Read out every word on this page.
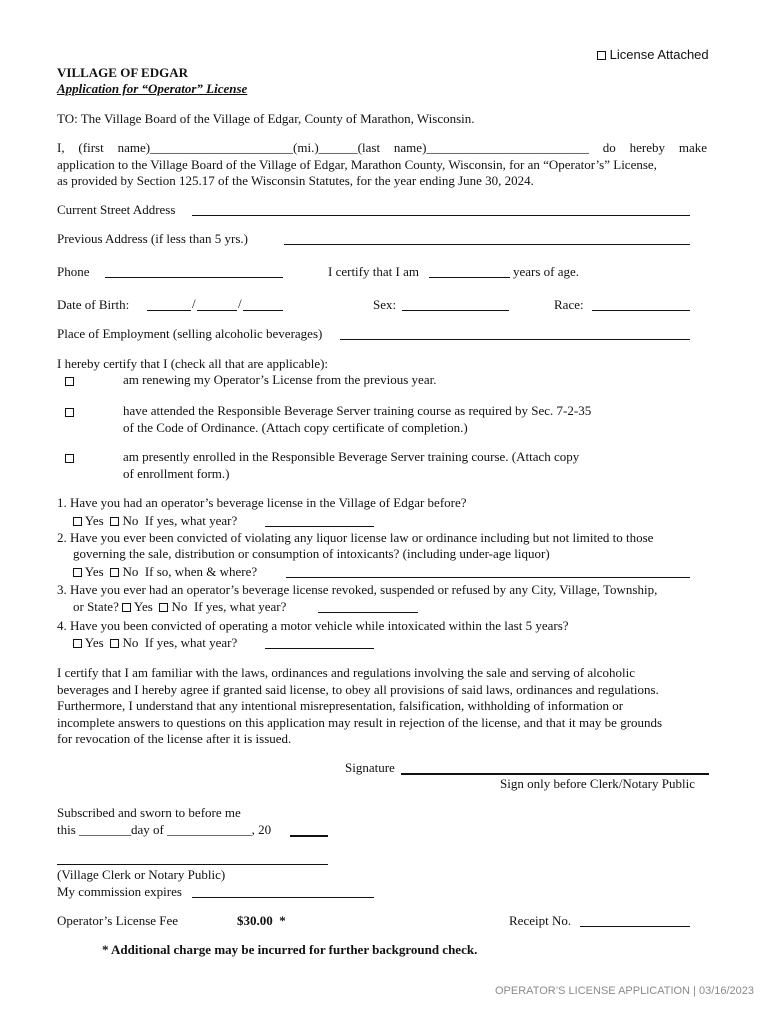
License Attached
VILLAGE OF EDGAR
Application for “Operator” License
TO: The Village Board of the Village of Edgar, County of Marathon, Wisconsin.
I, (first name)______________________(mi.)______(last name)_________________________ do hereby make
application to the Village Board of the Village of Edgar, Marathon County, Wisconsin, for an “Operator’s” License,
as provided by Section 125.17 of the Wisconsin Statutes, for the year ending June 30, 2024.
Current Street Address
Previous Address (if less than 5 yrs.)
Phone	I certify that I am	years of age.
Date of Birth:	/	/	Sex:	Race:
Place of Employment (selling alcoholic beverages)
I hereby certify that I (check all that are applicable):
am renewing my Operator’s License from the previous year.
have attended the Responsible Beverage Server training course as required by Sec. 7-2-35
of the Code of Ordinance. (Attach copy certificate of completion.)
am presently enrolled in the Responsible Beverage Server training course. (Attach copy
of enrollment form.)
1. Have you had an operator’s beverage license in the Village of Edgar before?
Yes No If yes, what year?
2. Have you ever been convicted of violating any liquor license law or ordinance including but not limited to those
governing the sale, distribution or consumption of intoxicants? (including under-age liquor)
Yes No If so, when & where?
3. Have you ever had an operator’s beverage license revoked, suspended or refused by any City, Village, Township,
or State? Yes No If yes, what year?
4. Have you been convicted of operating a motor vehicle while intoxicated within the last 5 years?
Yes No If yes, what year?
I certify that I am familiar with the laws, ordinances and regulations involving the sale and serving of alcoholic
beverages and I hereby agree if granted said license, to obey all provisions of said laws, ordinances and regulations.
Furthermore, I understand that any intentional misrepresentation, falsification, withholding of information or
incomplete answers to questions on this application may result in rejection of the license, and that it may be grounds
for revocation of the license after it is issued.
Signature
Sign only before Clerk/Notary Public
Subscribed and sworn to before me
this ________day of _____________, 20
(Village Clerk or Notary Public)
My commission expires
Operator’s License Fee	$30.00 *	Receipt No.
* Additional charge may be incurred for further background check.
OPERATOR’S LICENSE APPLICATION | 03/16/2023
